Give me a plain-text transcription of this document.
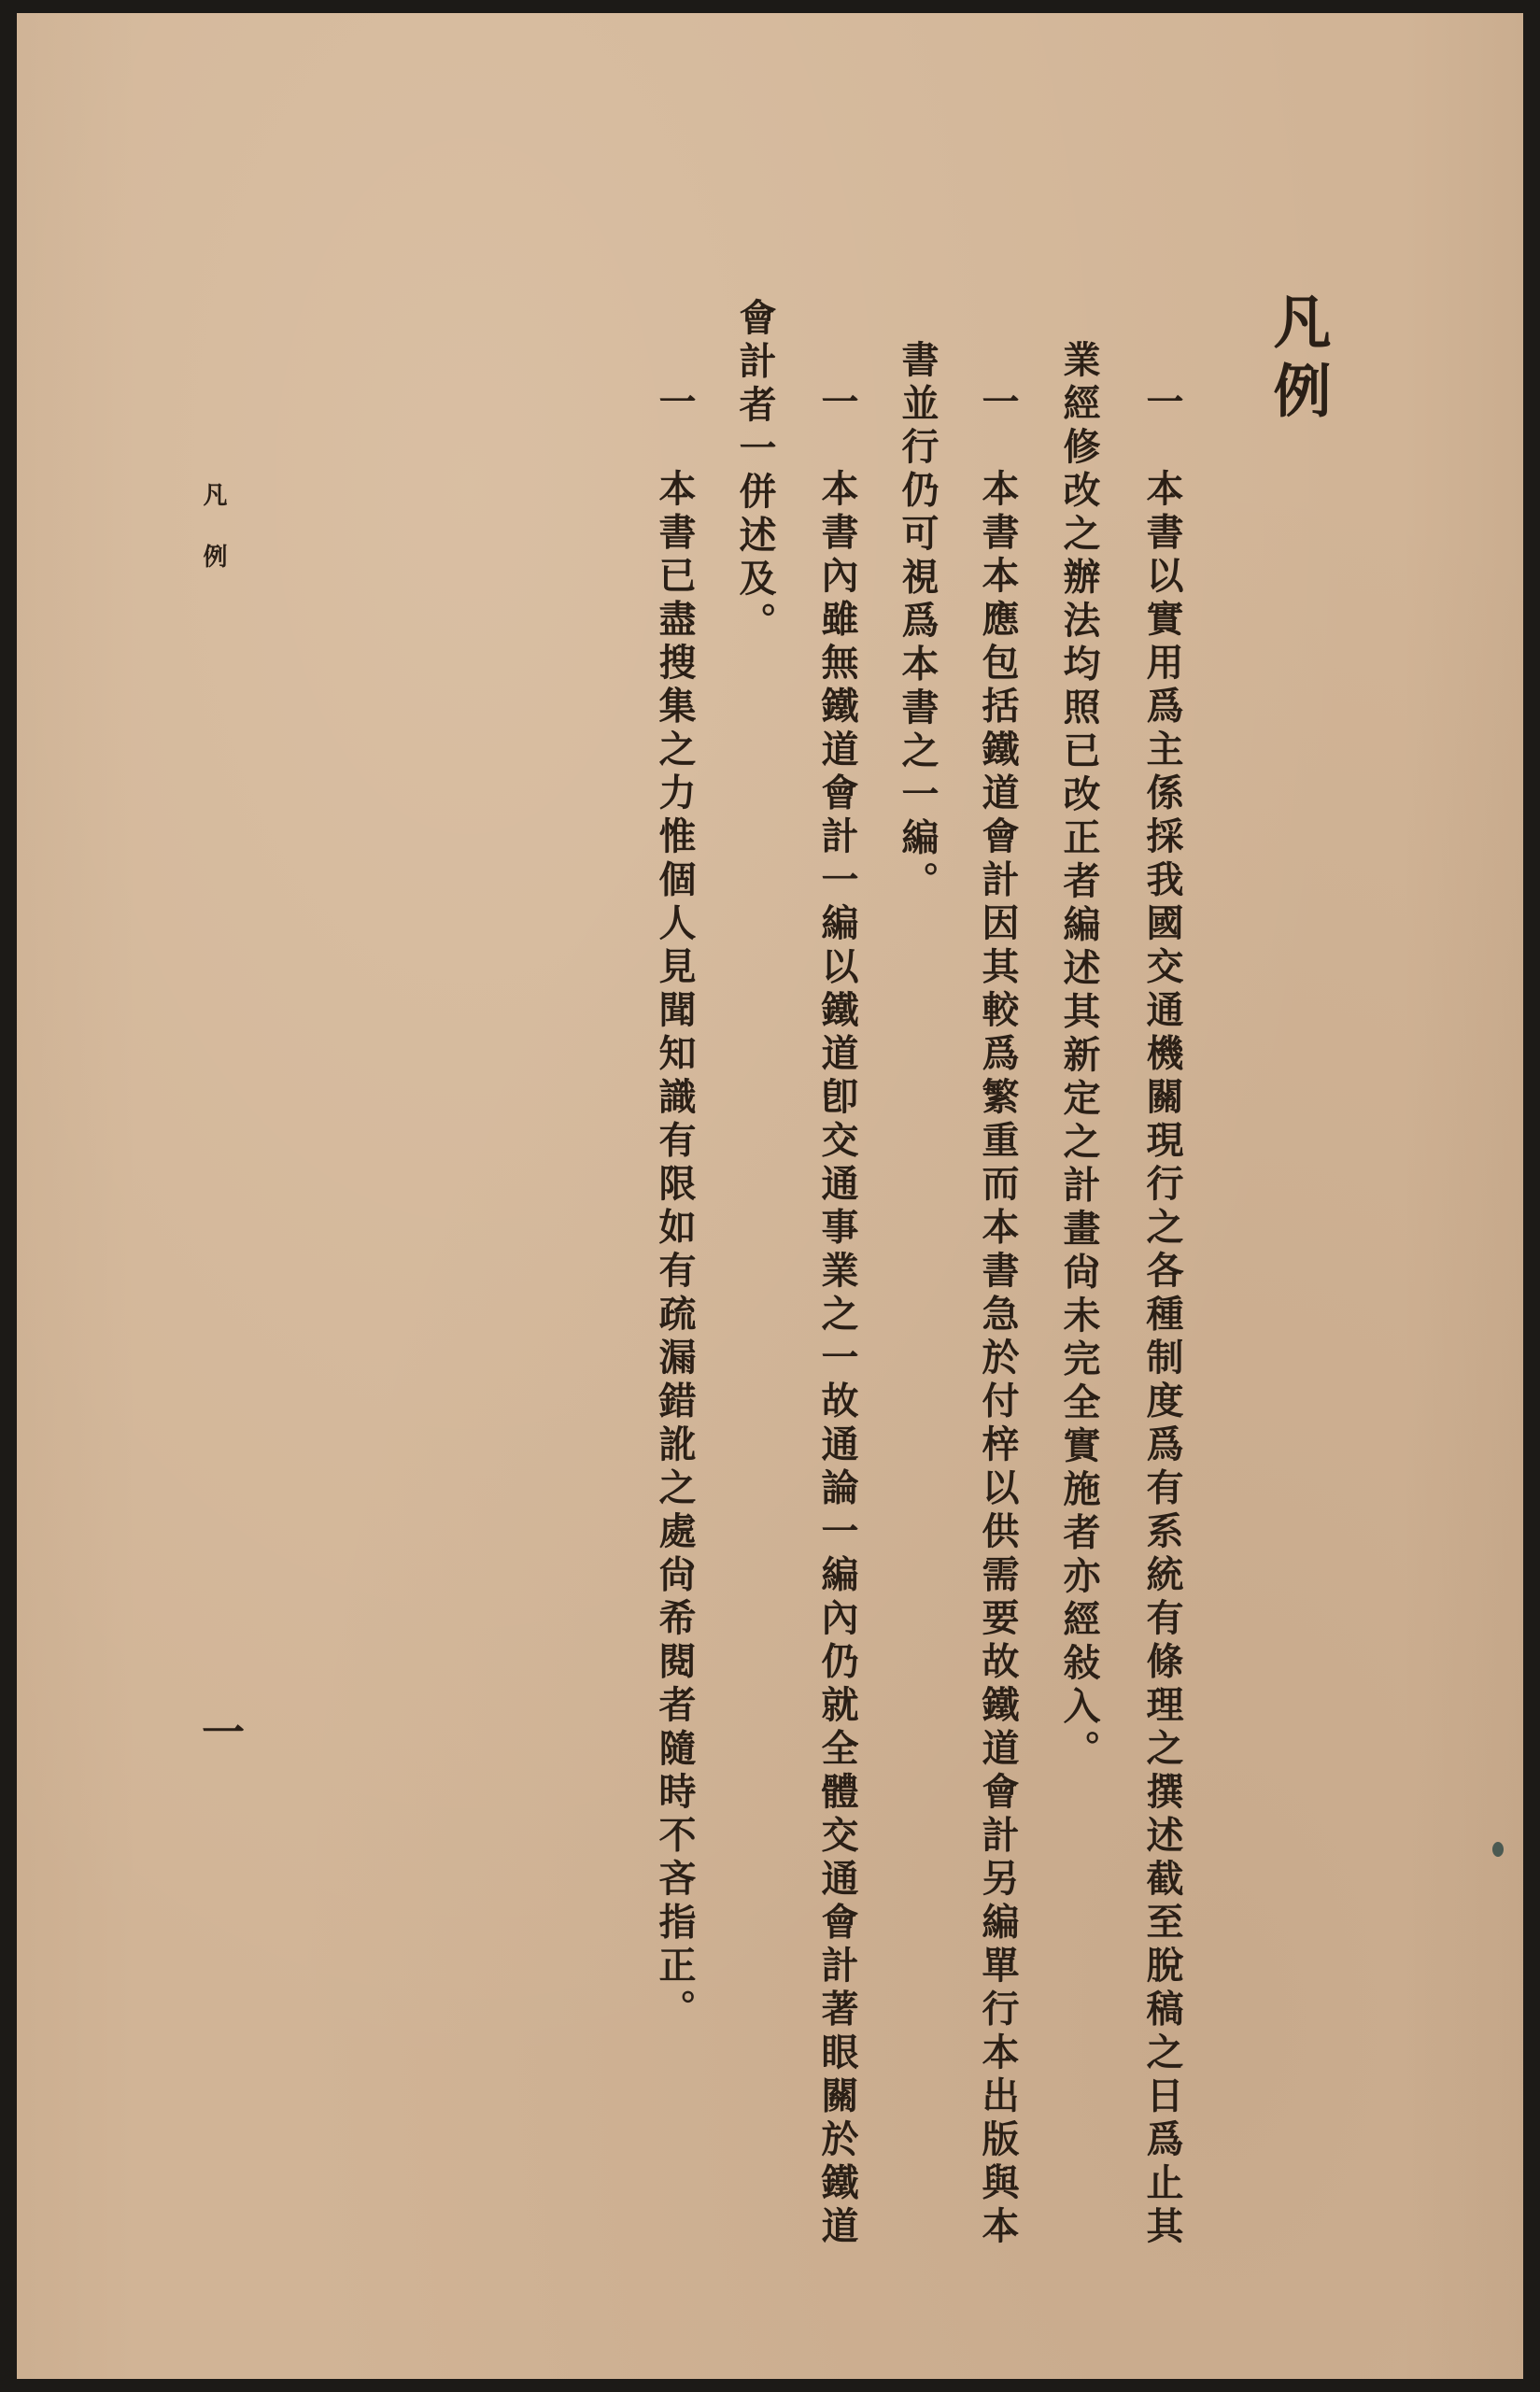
凡例
一　本書以實用爲主係採我國交通機關現行之各種制度爲有系統有條理之撰述截至脫稿之日爲止其
業經修改之辦法均照已改正者編述其新定之計畫尙未完全實施者亦經敍入。
一　本書本應包括鐵道會計因其較爲繁重而本書急於付梓以供需要故鐵道會計另編單行本出版與本
書並行仍可視爲本書之一編。
一　本書內雖無鐵道會計一編以鐵道卽交通事業之一故通論一編內仍就全體交通會計著眼關於鐵道
會計者一併述及。
一　本書已盡搜集之力惟個人見聞知識有限如有疏漏錯訛之處尙希閱者隨時不吝指正。
凡例
一
